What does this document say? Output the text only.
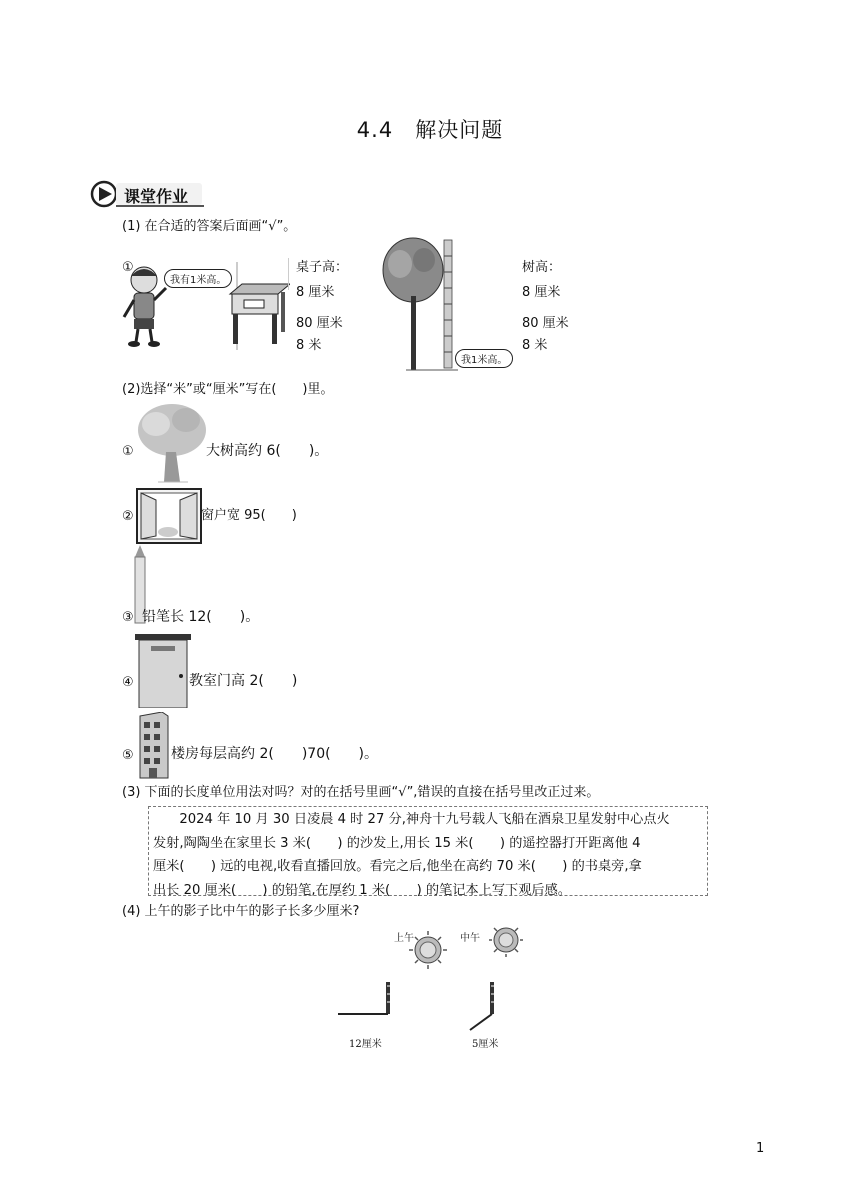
4.4　解决问题
课堂作业
(1) 在合适的答案后面画“√”。
①
我有1米高。
桌子高：
8 厘米
80 厘米
8 米
我1米高。
树高：
8 厘米
80 厘米
8 米
(2)选择“米”或“厘米”写在(　　)里。
①	大树高约 6(　　)。
②	窗户宽 95(　　)
③ 铅笔长 12(　　)。
④	教室门高 2(　　)
⑤	楼房每层高约 2(　　)70(　　)。
(3) 下面的长度单位用法对吗？对的在括号里画“√”,错误的直接在括号里改正过来。
　　2024 年 10 月 30 日凌晨 4 时 27 分,神舟十九号载人飞船在酒泉卫星发射中心点火
发射,陶陶坐在家里长 3 米(　　) 的沙发上,用长 15 米(　　) 的遥控器打开距离他 4
厘米(　　) 远的电视,收看直播回放。看完之后,他坐在高约 70 米(　　) 的书桌旁,拿
出长 20 厘米(　　) 的铅笔,在厚约 1 米(　　) 的笔记本上写下观后感。
(4) 上午的影子比中午的影子长多少厘米?
上午	中午
12厘米	5厘米
1
